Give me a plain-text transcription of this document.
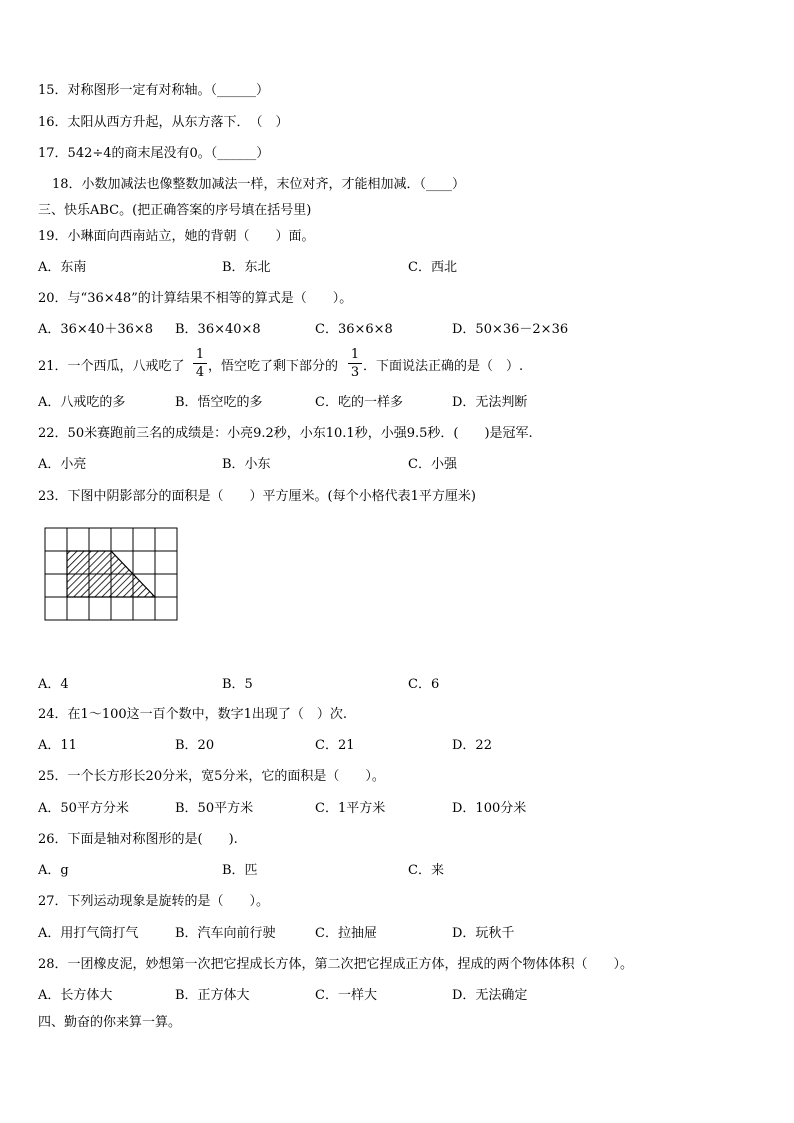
15．对称图形一定有对称轴。（______）
16．太阳从西方升起，从东方落下．　（　）
17．542÷4的商末尾没有0。（______）
18．小数加减法也像整数加减法一样，末位对齐，才能相加减．（____）
三、快乐ABC。(把正确答案的序号填在括号里)
19．小琳面向西南站立，她的背朝（　　）面。
A．东南	B．东北	C．西北
20．与“36×48”的计算结果不相等的算式是（　　）。
A．36×40＋36×8 B．36×40×8	C．36×6×8	D．50×36－2×36
21．一个西瓜，八戒吃了
1
4 ，悟空吃了剩下部分的
1
3 ．下面说法正确的是（　）.
A．八戒吃的多	B．悟空吃的多	C．吃的一样多	D．无法判断
22．50米赛跑前三名的成绩是：小亮9.2秒，小东10.1秒，小强9.5秒．(　　)是冠军.
A．小亮	B．小东	C．小强
23．下图中阴影部分的面积是（　　）平方厘米。(每个小格代表1平方厘米)
A．4	B．5	C．6
24．在1～100这一百个数中，数字1出现了（　）次.
A．11	B．20	C．21	D．22
25．一个长方形长20分米，宽5分米，它的面积是（　　）。
A．50平方分米	B．50平方米	C．1平方米	D．100分米
26．下面是轴对称图形的是(　　).
A．g	B．匹	C．来
27．下列运动现象是旋转的是（　　）。
A．用打气筒打气	B．汽车向前行驶	C．拉抽屉	D．玩秋千
28．一团橡皮泥，妙想第一次把它捏成长方体，第二次把它捏成正方体，捏成的两个物体体积（　　）。
A．长方体大	B．正方体大	C．一样大	D．无法确定
四、勤奋的你来算一算。
